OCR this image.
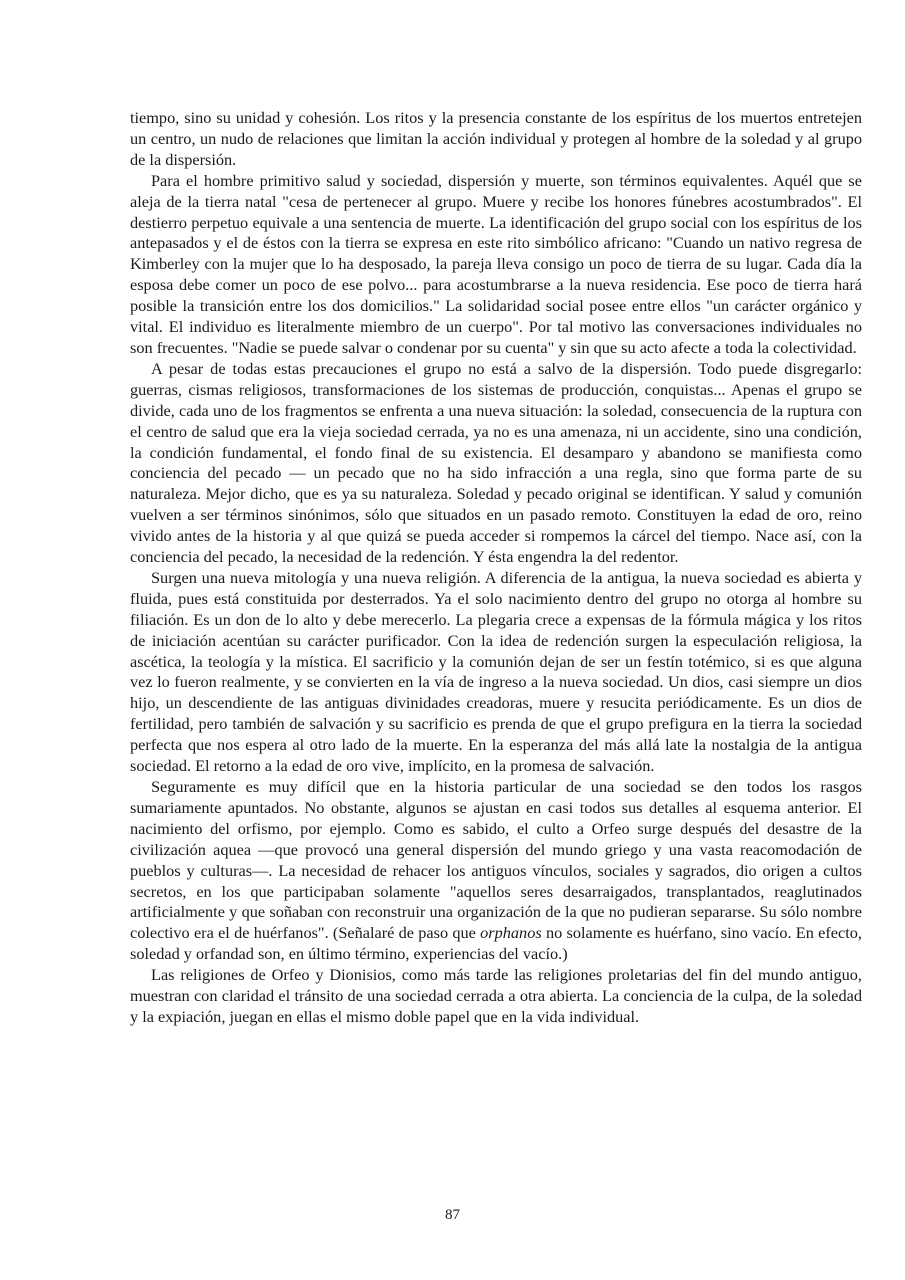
tiempo, sino su unidad y cohesión. Los ritos y la presencia constante de los espíritus de los muertos entretejen un centro, un nudo de relaciones que limitan la acción individual y protegen al hombre de la soledad y al grupo de la dispersión.

Para el hombre primitivo salud y sociedad, dispersión y muerte, son términos equivalentes. Aquél que se aleja de la tierra natal "cesa de pertenecer al grupo. Muere y recibe los honores fúnebres acostumbrados". El destierro perpetuo equivale a una sentencia de muerte. La identificación del grupo social con los espíritus de los antepasados y el de éstos con la tierra se expresa en este rito simbólico africano: "Cuando un nativo regresa de Kimberley con la mujer que lo ha desposado, la pareja lleva consigo un poco de tierra de su lugar. Cada día la esposa debe comer un poco de ese polvo... para acostumbrarse a la nueva residencia. Ese poco de tierra hará posible la transición entre los dos domicilios." La solidaridad social posee entre ellos "un carácter orgánico y vital. El individuo es literalmente miembro de un cuerpo". Por tal motivo las conversaciones individuales no son frecuentes. "Nadie se puede salvar o condenar por su cuenta" y sin que su acto afecte a toda la colectividad.

A pesar de todas estas precauciones el grupo no está a salvo de la dispersión. Todo puede disgregarlo: guerras, cismas religiosos, transformaciones de los sistemas de producción, conquistas... Apenas el grupo se divide, cada uno de los fragmentos se enfrenta a una nueva situación: la soledad, consecuencia de la ruptura con el centro de salud que era la vieja sociedad cerrada, ya no es una amenaza, ni un accidente, sino una condición, la condición fundamental, el fondo final de su existencia. El desamparo y abandono se manifiesta como conciencia del pecado — un pecado que no ha sido infracción a una regla, sino que forma parte de su naturaleza. Mejor dicho, que es ya su naturaleza. Soledad y pecado original se identifican. Y salud y comunión vuelven a ser términos sinónimos, sólo que situados en un pasado remoto. Constituyen la edad de oro, reino vivido antes de la historia y al que quizá se pueda acceder si rompemos la cárcel del tiempo. Nace así, con la conciencia del pecado, la necesidad de la redención. Y ésta engendra la del redentor.

Surgen una nueva mitología y una nueva religión. A diferencia de la antigua, la nueva sociedad es abierta y fluida, pues está constituida por desterrados. Ya el solo nacimiento dentro del grupo no otorga al hombre su filiación. Es un don de lo alto y debe merecerlo. La plegaria crece a expensas de la fórmula mágica y los ritos de iniciación acentúan su carácter purificador. Con la idea de redención surgen la especulación religiosa, la ascética, la teología y la mística. El sacrificio y la comunión dejan de ser un festín totémico, si es que alguna vez lo fueron realmente, y se convierten en la vía de ingreso a la nueva sociedad. Un dios, casi siempre un dios hijo, un descendiente de las antiguas divinidades creadoras, muere y resucita periódicamente. Es un dios de fertilidad, pero también de salvación y su sacrificio es prenda de que el grupo prefigura en la tierra la sociedad perfecta que nos espera al otro lado de la muerte. En la esperanza del más allá late la nostalgia de la antigua sociedad. El retorno a la edad de oro vive, implícito, en la promesa de salvación.

Seguramente es muy difícil que en la historia particular de una sociedad se den todos los rasgos sumariamente apuntados. No obstante, algunos se ajustan en casi todos sus detalles al esquema anterior. El nacimiento del orfismo, por ejemplo. Como es sabido, el culto a Orfeo surge después del desastre de la civilización aquea —que provocó una general dispersión del mundo griego y una vasta reacomodación de pueblos y culturas—. La necesidad de rehacer los antiguos vínculos, sociales y sagrados, dio origen a cultos secretos, en los que participaban solamente "aquellos seres desarraigados, transplantados, reaglutinados artificialmente y que soñaban con reconstruir una organización de la que no pudieran separarse. Su sólo nombre colectivo era el de huérfanos". (Señalaré de paso que orphanos no solamente es huérfano, sino vacío. En efecto, soledad y orfandad son, en último término, experiencias del vacío.)

Las religiones de Orfeo y Dionisios, como más tarde las religiones proletarias del fin del mundo antiguo, muestran con claridad el tránsito de una sociedad cerrada a otra abierta. La conciencia de la culpa, de la soledad y la expiación, juegan en ellas el mismo doble papel que en la vida individual.

87
